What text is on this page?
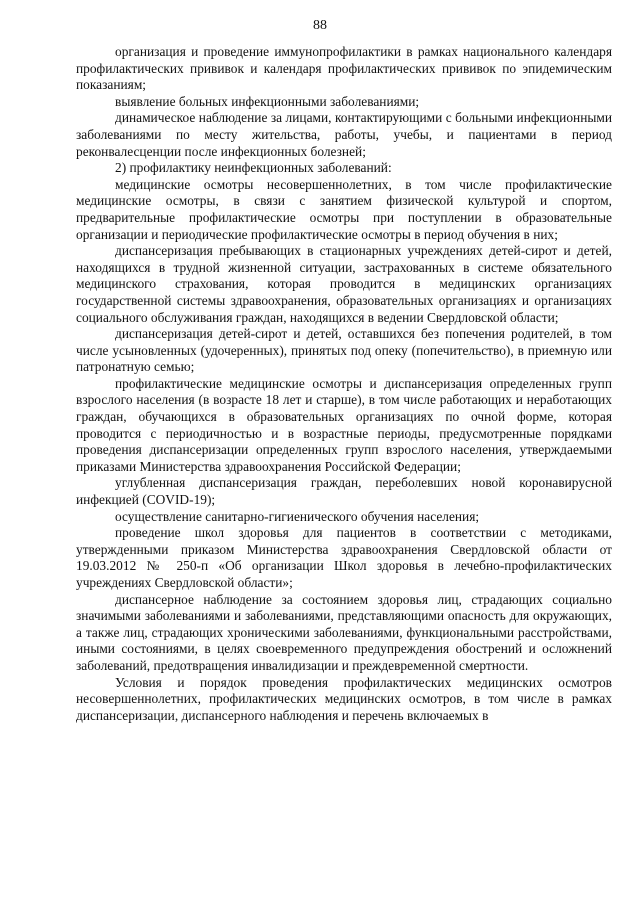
88

организация и проведение иммунопрофилактики в рамках национального календаря профилактических прививок и календаря профилактических прививок по эпидемическим показаниям;

выявление больных инфекционными заболеваниями;

динамическое наблюдение за лицами, контактирующими с больными инфекционными заболеваниями по месту жительства, работы, учебы, и пациентами в период реконвалесценции после инфекционных болезней;

2) профилактику неинфекционных заболеваний:

медицинские осмотры несовершеннолетних, в том числе профилактические медицинские осмотры, в связи с занятием физической культурой и спортом, предварительные профилактические осмотры при поступлении в образовательные организации и периодические профилактические осмотры в период обучения в них;

диспансеризация пребывающих в стационарных учреждениях детей-сирот и детей, находящихся в трудной жизненной ситуации, застрахованных в системе обязательного медицинского страхования, которая проводится в медицинских организациях государственной системы здравоохранения, образовательных организациях и организациях социального обслуживания граждан, находящихся в ведении Свердловской области;

диспансеризация детей-сирот и детей, оставшихся без попечения родителей, в том числе усыновленных (удочеренных), принятых под опеку (попечительство), в приемную или патронатную семью;

профилактические медицинские осмотры и диспансеризация определенных групп взрослого населения (в возрасте 18 лет и старше), в том числе работающих и неработающих граждан, обучающихся в образовательных организациях по очной форме, которая проводится с периодичностью и в возрастные периоды, предусмотренные порядками проведения диспансеризации определенных групп взрослого населения, утверждаемыми приказами Министерства здравоохранения Российской Федерации;

углубленная диспансеризация граждан, переболевших новой коронавирусной инфекцией (COVID-19);

осуществление санитарно-гигиенического обучения населения;

проведение школ здоровья для пациентов в соответствии с методиками, утвержденными приказом Министерства здравоохранения Свердловской области от 19.03.2012 № 250-п «Об организации Школ здоровья в лечебно-профилактических учреждениях Свердловской области»;

диспансерное наблюдение за состоянием здоровья лиц, страдающих социально значимыми заболеваниями и заболеваниями, представляющими опасность для окружающих, а также лиц, страдающих хроническими заболеваниями, функциональными расстройствами, иными состояниями, в целях своевременного предупреждения обострений и осложнений заболеваний, предотвращения инвалидизации и преждевременной смертности.

Условия и порядок проведения профилактических медицинских осмотров несовершеннолетних, профилактических медицинских осмотров, в том числе в рамках диспансеризации, диспансерного наблюдения и перечень включаемых в
